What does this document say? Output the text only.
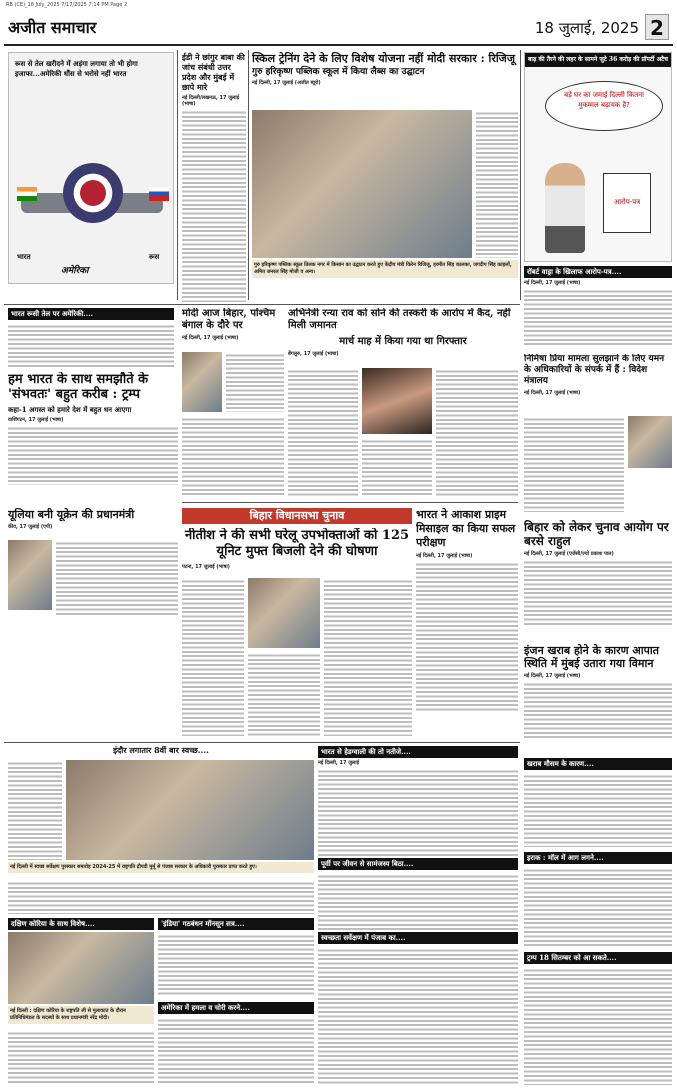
RB (CE)_18 July_2025 7/17/2025 7:14 PM Page 2
अजीत समाचार	18 जुलाई, 2025 2
रूस से तेल खरीदने में अड़ंगा लगाया तो भी होगा इजाफा...अमेरिकी धौंस से भरोसे नहीं भारत
भारत	रूस
अमेरिका
ईडी ने छांगुर बाबा की जांच संबंधी उत्तर प्रदेश और मुंबई में छापे मारे
नई दिल्ली/लखनऊ, 17 जुलाई (भाषा)
स्किल ट्रेनिंग देने के लिए विशेष योजना नहीं मोदी सरकार : रिजिजू
गुरु हरिकृष्ण पब्लिक स्कूल में किया लैब्स का उद्घाटन
नई दिल्ली, 17 जुलाई (अजीत ब्यूरो)
गुरु हरिकृष्ण पब्लिक स्कूल तिलक नगर में किसान का उद्घाटन करते हुए केंद्रीय मंत्री किरेन रिजिजू, हरमीत सिंह कालका, जगदीप सिंह काहलों, अमित जनरल सिंह मोजी व अन्य।
बाढ़ की तैरने की लहर के सामने जुटे 36 करोड़ की प्रॉपर्टी अटैच
बड़े घर का जमाई दिल्ली कितना मुकम्मल बढ़ायक है?
आरोप-पत्र
रॉबर्ट वाड्रा के खिलाफ आरोप-पत्र....
नई दिल्ली, 17 जुलाई (भाषा)
भारत रूसी तेल पर अमेरिकी....	मोदी आज बिहार, पश्चिम बंगाल के दौरे पर
नई दिल्ली, 17 जुलाई (भाषा)
अभिनेत्री रन्या राव को सोने की तस्करी के आरोप में कैद, नहीं मिली जमानत
मार्च माह में किया गया था गिरफ्तार
बेंगलुरु, 17 जुलाई (भाषा)
हम भारत के साथ समझौते के 'संभवतः' बहुत करीब : ट्रम्प
कहा-1 अगस्त को हमारे देश में बहुत धन आएगा
वाशिंगटन, 17 जुलाई (भाषा)
निमिषा प्रिया मामला सुलझाने के लिए यमन के अधिकारियों के संपर्क में हैं : विदेश मंत्रालय
नई दिल्ली, 17 जुलाई (भाषा)
बिहार विधानसभा चुनाव
नीतीश ने की सभी घरेलू उपभोक्ताओं को 125 यूनिट मुफ्त बिजली देने की घोषणा
पटना, 17 जुलाई (भाषा)
भारत ने आकाश प्राइम मिसाइल का किया सफल परीक्षण
नई दिल्ली, 17 जुलाई (भाषा)
यूलिया बनी यूक्रेन की प्रधानमंत्री
कीव, 17 जुलाई (एपी)	बिहार को लेकर चुनाव आयोग पर बरसे राहुल
नई दिल्ली, 17 जुलाई (एजेंसी/ज्यो प्रकाश पाल)
इंजन खराब होने के कारण आपात स्थिति में मुंबई उतारा गया विमान
नई दिल्ली, 17 जुलाई (भाषा)
इंदौर लगातार 8वीं बार स्वच्छ....
नई दिल्ली में स्वच्छ सर्वेक्षण पुरस्कार समारोह 2024-25 में राष्ट्रपति द्रौपदी मुर्मू से पंजाब सरकार के अधिकारी पुरस्कार प्राप्त करते हुए।
भारत से हेडग्वाली की तो नतीजे....
नई दिल्ली, 17 जुलाई
पूर्वी पर जीवन से सामंजस्य बिठा....
खराब मौसम के कारण....
'इंडिया' गठबंधन मॉनसून सत्र....
दक्षिण कोरिया के साथ विशेष....
नई दिल्ली : दक्षिण कोरिया के राष्ट्रपति ली से मुलाकात के दौरान प्रतिनिधिमंडल के सदस्यों के साथ प्रधानमंत्री नरेंद्र मोदी।
स्वच्छता सर्वेक्षण में पंजाब का....
अमेरिका में हमला व चोरी करने....
इराक : मॉल में आग लगने....
ट्रम्प 18 सितम्बर को आ सकते....
